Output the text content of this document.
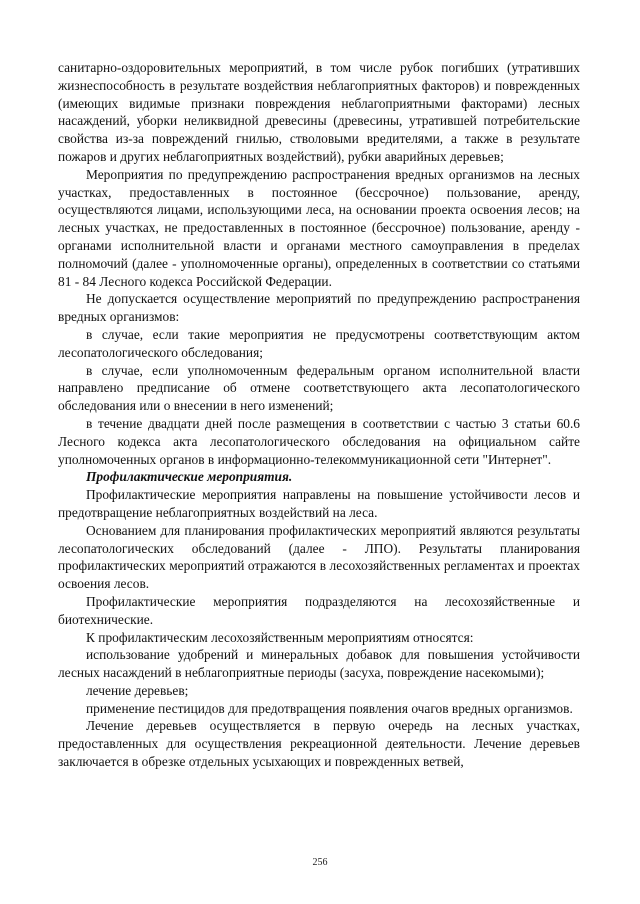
санитарно-оздоровительных мероприятий, в том числе рубок погибших (утративших жизнеспособность в результате воздействия неблагоприятных факторов) и поврежденных (имеющих видимые признаки повреждения неблагоприятными факторами) лесных насаждений, уборки неликвидной древесины (древесины, утратившей потребительские свойства из-за повреждений гнилью, стволовыми вредителями, а также в результате пожаров и других неблагоприятных воздействий), рубки аварийных деревьев;

Мероприятия по предупреждению распространения вредных организмов на лесных участках, предоставленных в постоянное (бессрочное) пользование, аренду, осуществляются лицами, использующими леса, на основании проекта освоения лесов; на лесных участках, не предоставленных в постоянное (бессрочное) пользование, аренду - органами исполнительной власти и органами местного самоуправления в пределах полномочий (далее - уполномоченные органы), определенных в соответствии со статьями 81 - 84 Лесного кодекса Российской Федерации.

Не допускается осуществление мероприятий по предупреждению распространения вредных организмов:

в случае, если такие мероприятия не предусмотрены соответствующим актом лесопатологического обследования;

в случае, если уполномоченным федеральным органом исполнительной власти направлено предписание об отмене соответствующего акта лесопатологического обследования или о внесении в него изменений;

в течение двадцати дней после размещения в соответствии с частью 3 статьи 60.6 Лесного кодекса акта лесопатологического обследования на официальном сайте уполномоченных органов в информационно-телекоммуникационной сети "Интернет".

Профилактические мероприятия.

Профилактические мероприятия направлены на повышение устойчивости лесов и предотвращение неблагоприятных воздействий на леса.

Основанием для планирования профилактических мероприятий являются результаты лесопатологических обследований (далее - ЛПО). Результаты планирования профилактических мероприятий отражаются в лесохозяйственных регламентах и проектах освоения лесов.

Профилактические мероприятия подразделяются на лесохозяйственные и биотехнические.

К профилактическим лесохозяйственным мероприятиям относятся:

использование удобрений и минеральных добавок для повышения устойчивости лесных насаждений в неблагоприятные периоды (засуха, повреждение насекомыми);

лечение деревьев;

применение пестицидов для предотвращения появления очагов вредных организмов.

Лечение деревьев осуществляется в первую очередь на лесных участках, предоставленных для осуществления рекреационной деятельности. Лечение деревьев заключается в обрезке отдельных усыхающих и поврежденных ветвей,

256
